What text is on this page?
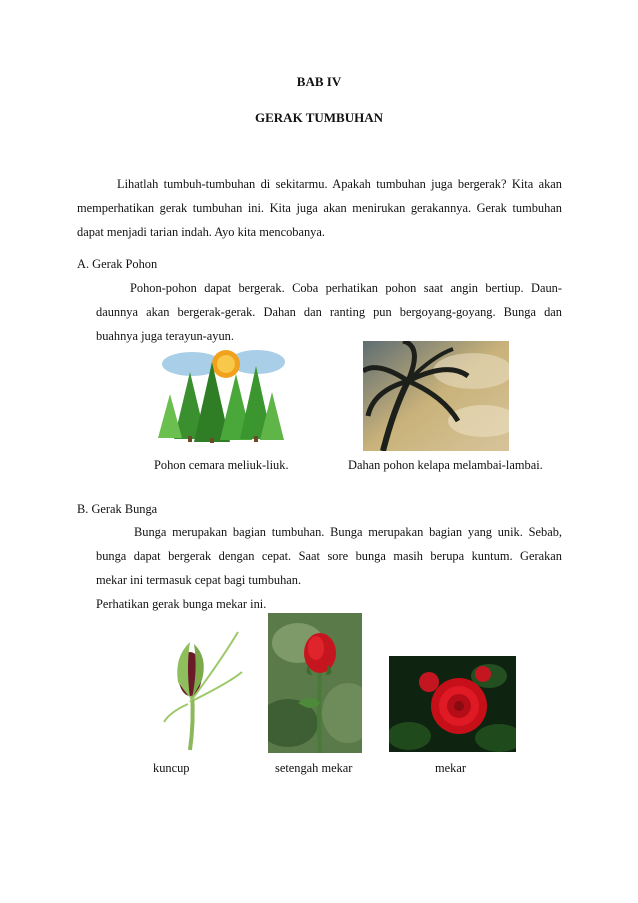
BAB IV
GERAK TUMBUHAN
Lihatlah tumbuh-tumbuhan di sekitarmu. Apakah tumbuhan juga bergerak? Kita akan
memperhatikan gerak tumbuhan ini. Kita juga akan menirukan gerakannya. Gerak tumbuhan
dapat menjadi tarian indah. Ayo kita mencobanya.
A. Gerak Pohon
Pohon-pohon dapat bergerak. Coba perhatikan pohon saat angin bertiup. Daun-
daunnya akan bergerak-gerak. Dahan dan ranting pun bergoyang-goyang. Bunga dan
buahnya juga terayun-ayun.
Pohon cemara meliuk-liuk.	Dahan pohon kelapa melambai-lambai.
B. Gerak Bunga
Bunga merupakan bagian tumbuhan. Bunga merupakan bagian yang unik. Sebab,
bunga dapat bergerak dengan cepat. Saat sore bunga masih berupa kuntum. Gerakan
mekar ini termasuk cepat bagi tumbuhan.
Perhatikan gerak bunga mekar ini.
kuncup	setengah mekar	mekar
